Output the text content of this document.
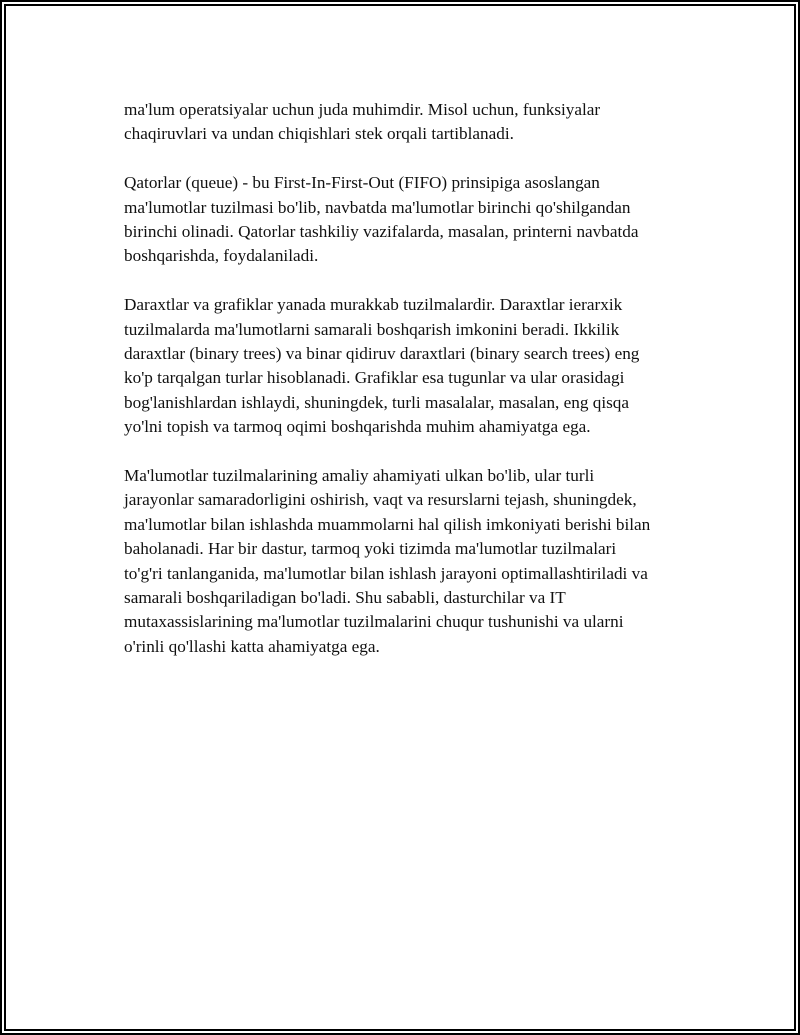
ma'lum operatsiyalar uchun juda muhimdir. Misol uchun, funksiyalar
chaqiruvlari va undan chiqishlari stek orqali tartiblanadi.

Qatorlar (queue) - bu First-In-First-Out (FIFO) prinsipiga asoslangan
ma'lumotlar tuzilmasi bo'lib, navbatda ma'lumotlar birinchi qo'shilgandan
birinchi olinadi. Qatorlar tashkiliy vazifalarda, masalan, printerni navbatda
boshqarishda, foydalaniladi.

Daraxtlar va grafiklar yanada murakkab tuzilmalardir. Daraxtlar ierarxik
tuzilmalarda ma'lumotlarni samarali boshqarish imkonini beradi. Ikkilik
daraxtlar (binary trees) va binar qidiruv daraxtlari (binary search trees) eng
ko'p tarqalgan turlar hisoblanadi. Grafiklar esa tugunlar va ular orasidagi
bog'lanishlardan ishlaydi, shuningdek, turli masalalar, masalan, eng qisqa
yo'lni topish va tarmoq oqimi boshqarishda muhim ahamiyatga ega.

Ma'lumotlar tuzilmalarining amaliy ahamiyati ulkan bo'lib, ular turli
jarayonlar samaradorligini oshirish, vaqt va resurslarni tejash, shuningdek,
ma'lumotlar bilan ishlashda muammolarni hal qilish imkoniyati berishi bilan
baholanadi. Har bir dastur, tarmoq yoki tizimda ma'lumotlar tuzilmalari
to'g'ri tanlanganida, ma'lumotlar bilan ishlash jarayoni optimallashtiriladi va
samarali boshqariladigan bo'ladi. Shu sababli, dasturchilar va IT
mutaxassislarining ma'lumotlar tuzilmalarini chuqur tushunishi va ularni
o'rinli qo'llashi katta ahamiyatga ega.
